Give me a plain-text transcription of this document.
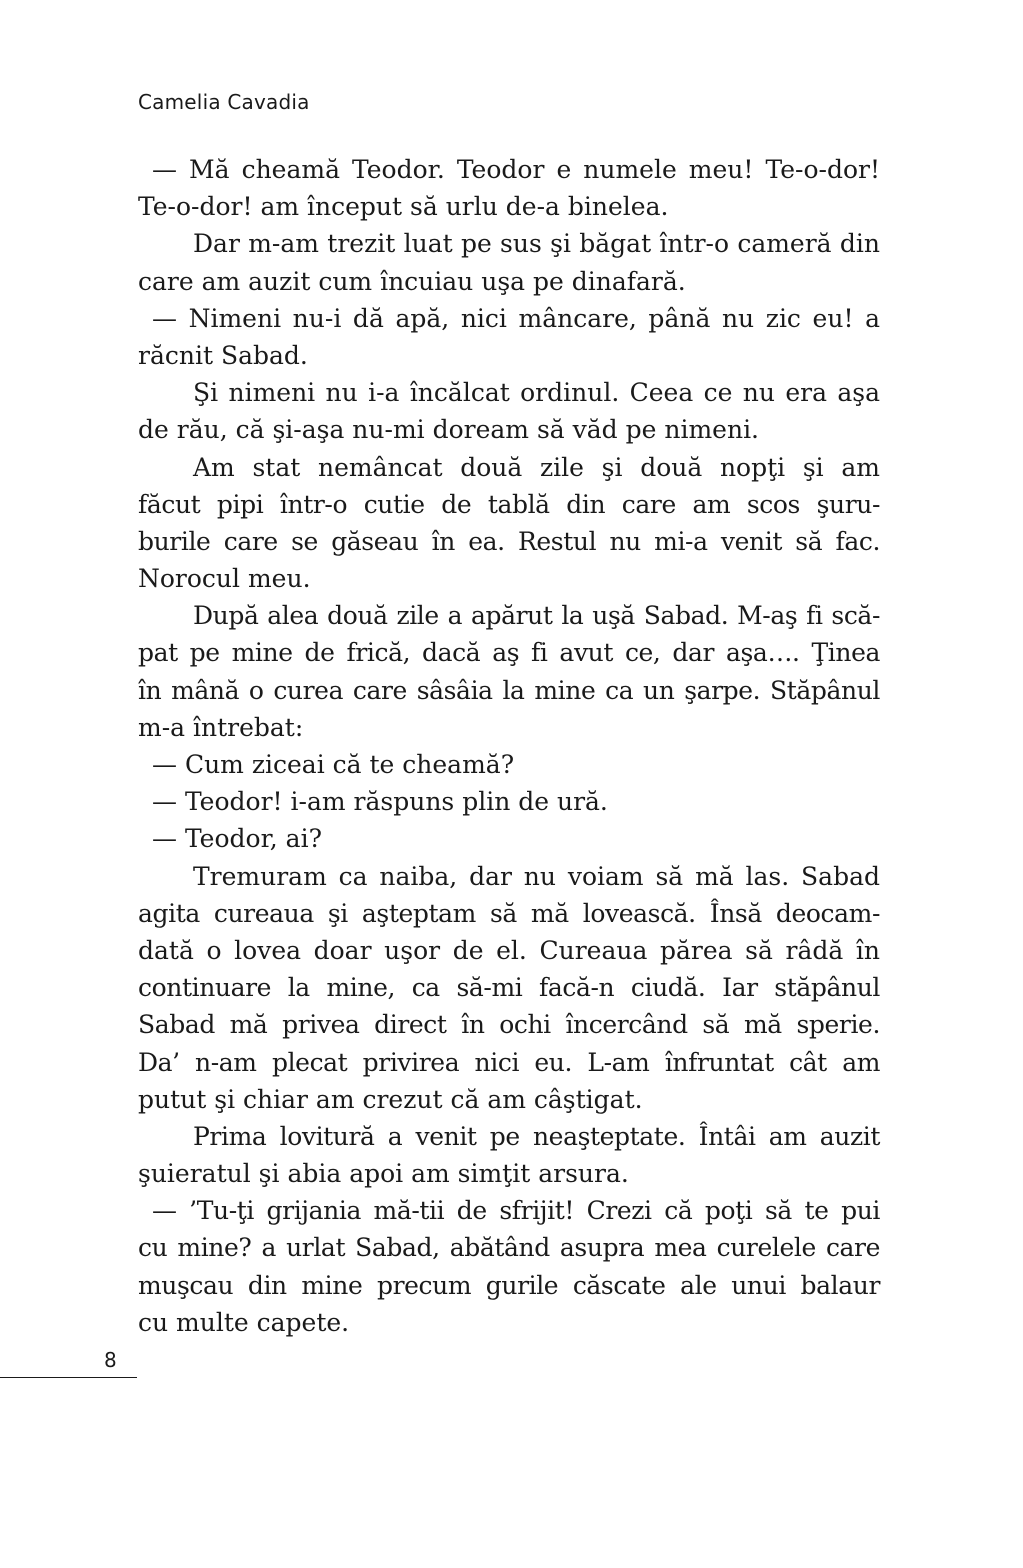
Camelia Cavadia
— Mă cheamă Teodor. Teodor e numele meu! Te-o-dor!
Te-o-dor! am început să urlu de-a binelea.
Dar m-am trezit luat pe sus şi băgat într-o cameră din
care am auzit cum încuiau uşa pe dinafară.
— Nimeni nu-i dă apă, nici mâncare, până nu zic eu! a
răcnit Sabad.
Şi nimeni nu i-a încălcat ordinul. Ceea ce nu era aşa
de rău, că şi-aşa nu-mi doream să văd pe nimeni.
Am stat nemâncat două zile şi două nopţi şi am
făcut pipi într-o cutie de tablă din care am scos şuru-
burile care se găseau în ea. Restul nu mi-a venit să fac.
Norocul meu.
După alea două zile a apărut la uşă Sabad. M-aş fi scă-
pat pe mine de frică, dacă aş fi avut ce, dar aşa…. Ţinea
în mână o curea care sâsâia la mine ca un şarpe. Stăpânul
m-a întrebat:
— Cum ziceai că te cheamă?
— Teodor! i-am răspuns plin de ură.
— Teodor, ai?
Tremuram ca naiba, dar nu voiam să mă las. Sabad
agita cureaua şi aşteptam să mă lovească. Însă deocam-
dată o lovea doar uşor de el. Cureaua părea să râdă în
continuare la mine, ca să-mi facă-n ciudă. Iar stăpânul
Sabad mă privea direct în ochi încercând să mă sperie.
Da’ n-am plecat privirea nici eu. L-am înfruntat cât am
putut şi chiar am crezut că am câştigat.
Prima lovitură a venit pe neaşteptate. Întâi am auzit
şuieratul şi abia apoi am simţit arsura.
— ’Tu-ţi grijania mă-tii de sfrijit! Crezi că poţi să te pui
cu mine? a urlat Sabad, abătând asupra mea curelele care
muşcau din mine precum gurile căscate ale unui balaur
cu multe capete.
8
